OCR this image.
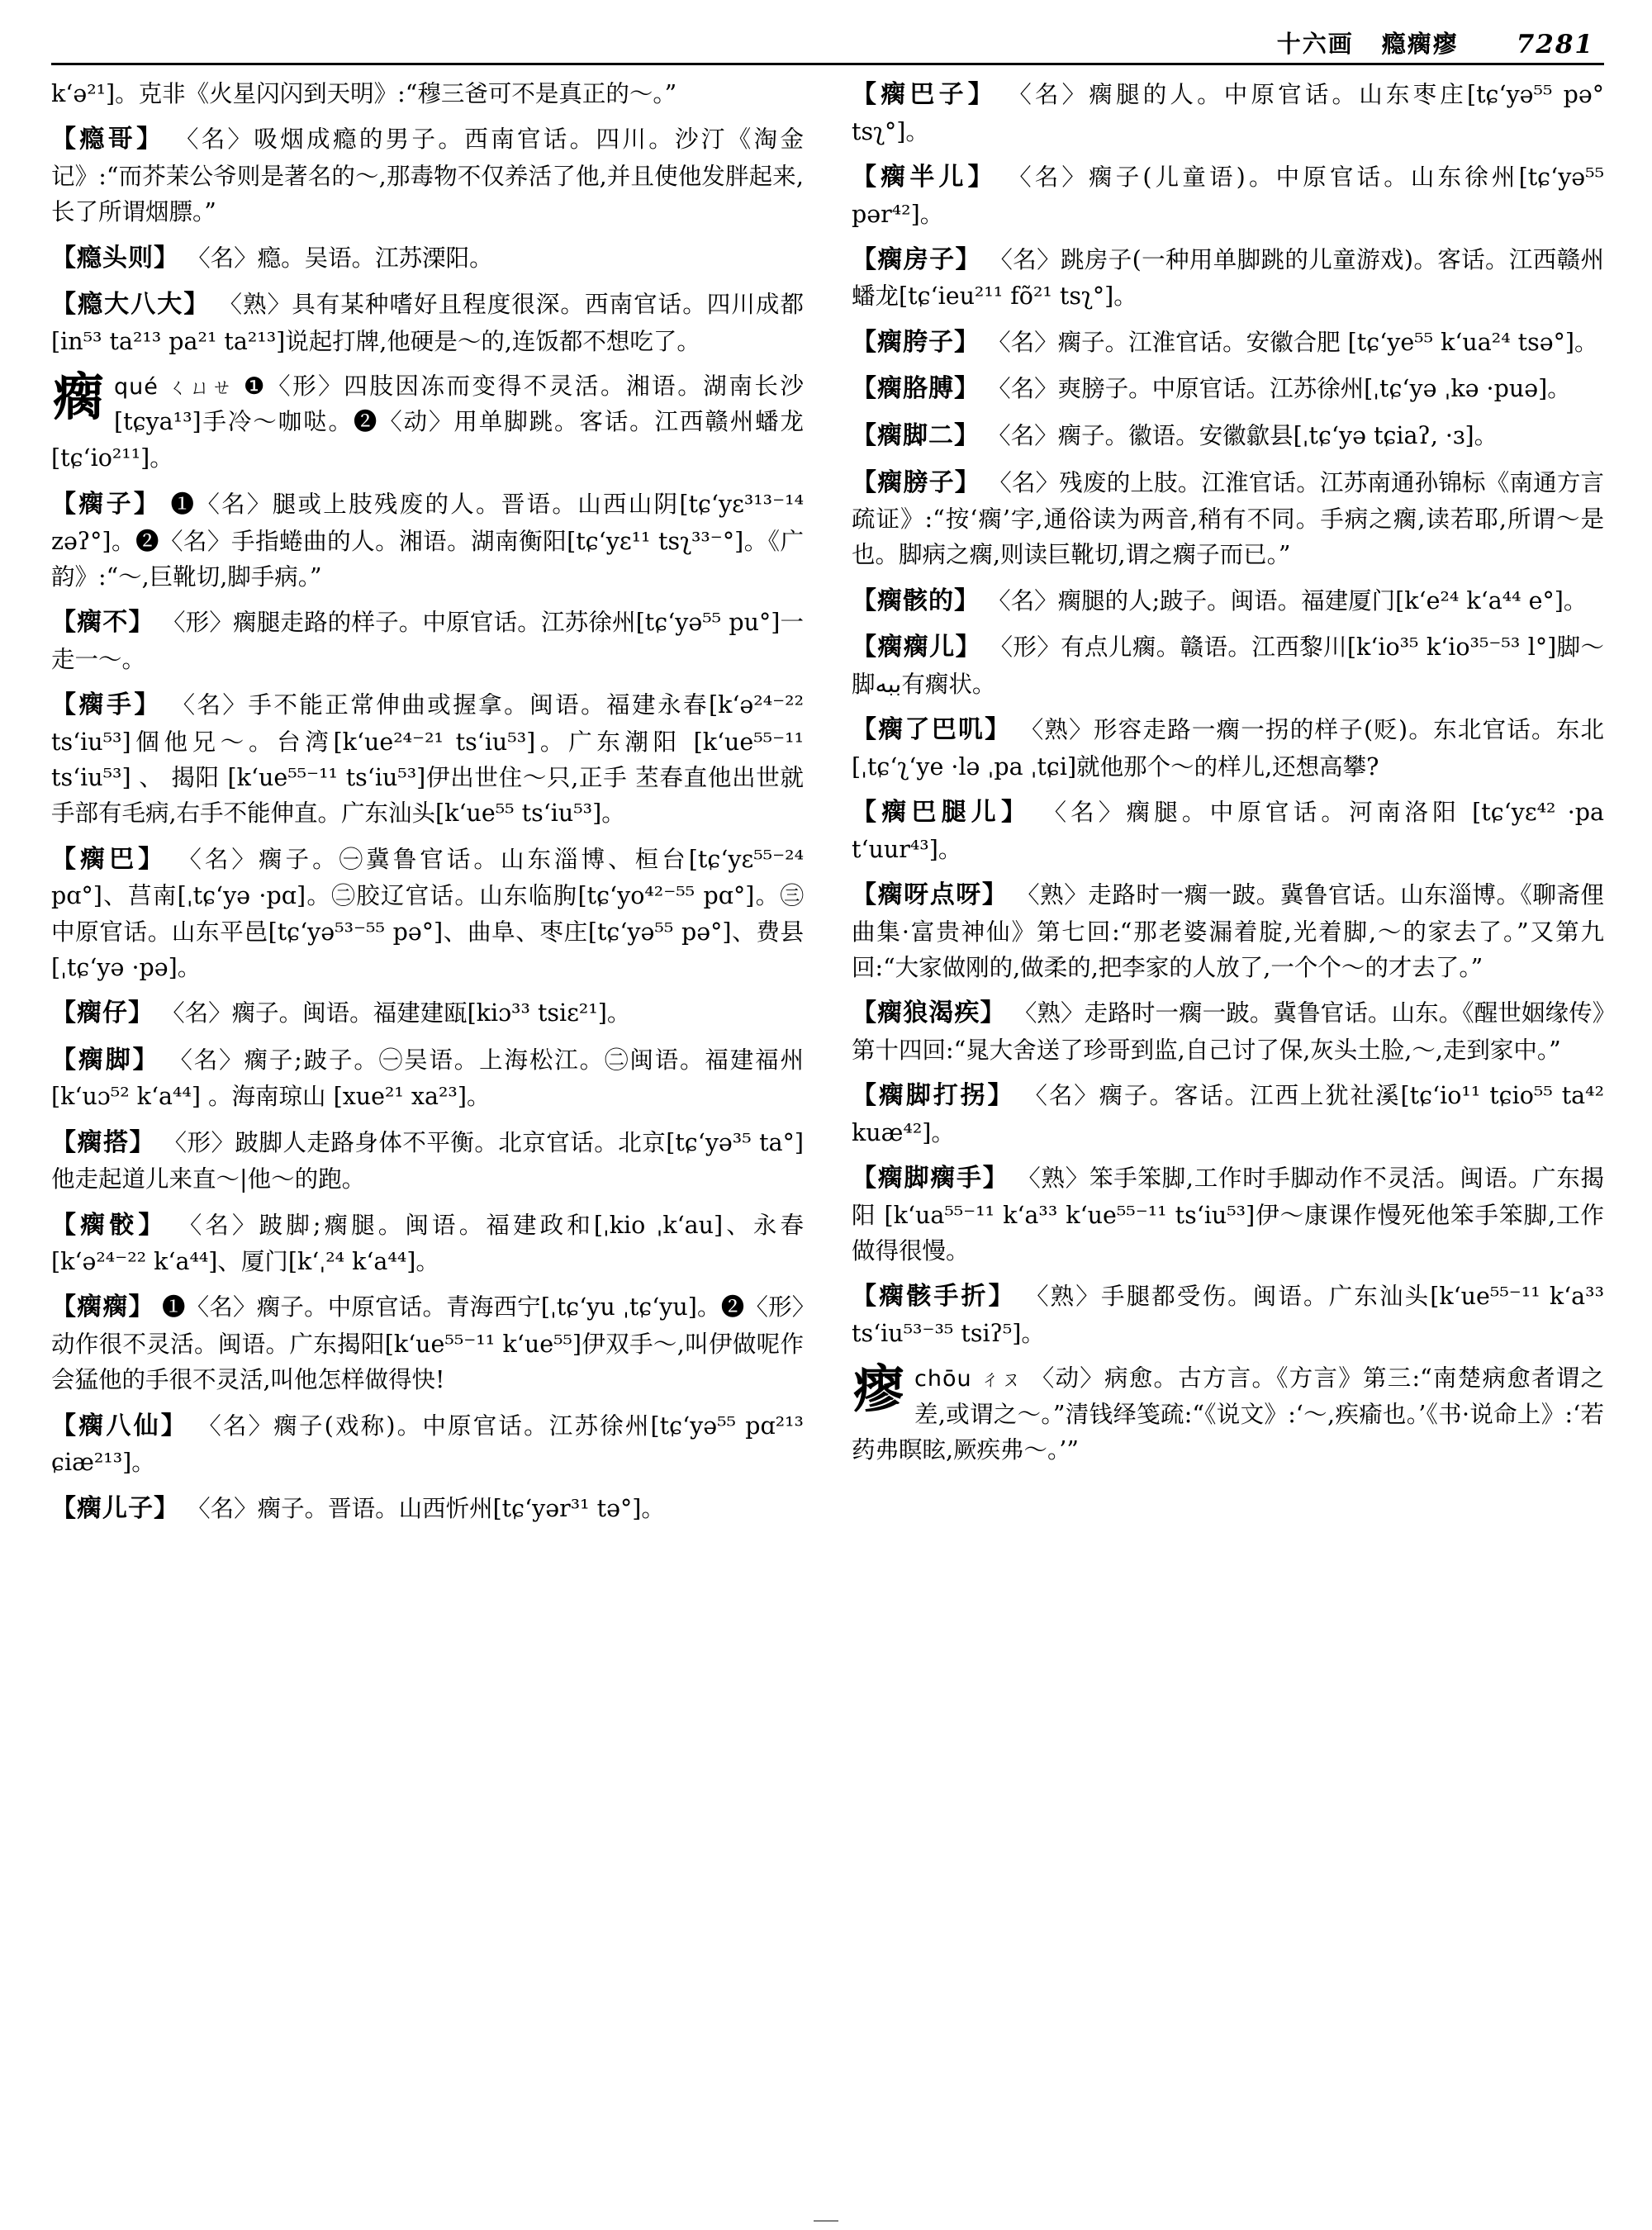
十六画 瘾瘸瘳 7281
k‘ə²¹]。克非《火星闪闪到天明》:“穆三爸可不是真正的～。”
【瘾哥】 〈名〉吸烟成瘾的男子。西南官话。四川。沙汀《淘金记》:“而芥茉公爷则是著名的～,那毒物不仅养活了他,并且使他发胖起来,长了所谓烟膘。”
【瘾头则】 〈名〉瘾。吴语。江苏溧阳。
【瘾大八大】 〈熟〉具有某种嗜好且程度很深。西南官话。四川成都[in⁵³ ta²¹³ pa²¹ ta²¹³]说起打牌,他硬是～的,连饭都不想吃了。
瘸qué ㄑㄩㄝ ❶〈形〉四肢因冻而变得不灵活。湘语。湖南长沙[tɕya¹³]手冷～咖哒。❷〈动〉用单脚跳。客话。江西赣州蟠龙[tɕ‘io²¹¹]。
【瘸子】 ❶〈名〉腿或上肢残废的人。晋语。山西山阴[tɕ‘yɛ³¹³⁻¹⁴ zəʔ°]。❷〈名〉手指蜷曲的人。湘语。湖南衡阳[tɕ‘yɛ¹¹ tsʅ³³⁻°]。《广韵》:“～,巨靴切,脚手病。”
【瘸不】 〈形〉瘸腿走路的样子。中原官话。江苏徐州[tɕ‘yə⁵⁵ pu°]一走一～。
【瘸手】 〈名〉手不能正常伸曲或握拿。闽语。福建永春[k‘ə²⁴⁻²² ts‘iu⁵³]個他兄～。台湾[k‘ue²⁴⁻²¹ ts‘iu⁵³]。广东潮阳 [k‘ue⁵⁵⁻¹¹ ts‘iu⁵³] 、 揭阳 [k‘ue⁵⁵⁻¹¹ ts‘iu⁵³]伊出世住～只,正手 苤春直他出世就手部有毛病,右手不能伸直。广东汕头[k‘ue⁵⁵ ts‘iu⁵³]。
【瘸巴】 〈名〉瘸子。㊀冀鲁官话。山东淄博、桓台[tɕ‘yɛ⁵⁵⁻²⁴ pɑ°]、莒南[ˌtɕ‘yə ·pɑ]。㊁胶辽官话。山东临朐[tɕ‘yo⁴²⁻⁵⁵ pɑ°]。㊂中原官话。山东平邑[tɕ‘yə⁵³⁻⁵⁵ pə°]、曲阜、枣庄[tɕ‘yə⁵⁵ pə°]、费县[ˌtɕ‘yə ·pə]。
【瘸仔】 〈名〉瘸子。闽语。福建建瓯[kiɔ³³ tsiɛ²¹]。
【瘸脚】 〈名〉瘸子;跛子。㊀吴语。上海松江。㊁闽语。福建福州 [k‘uɔ⁵² k‘a⁴⁴] 。海南琼山 [xue²¹ xa²³]。
【瘸搭】 〈形〉跛脚人走路身体不平衡。北京官话。北京[tɕ‘yə³⁵ ta°]他走起道儿来直～|他～的跑。
【瘸骹】 〈名〉跛脚;瘸腿。闽语。福建政和[ˌkio ˌk‘au]、永春[k‘ə²⁴⁻²² k‘a⁴⁴]、厦门[k‘ˌ²⁴ k‘a⁴⁴]。
【瘸瘸】 ❶〈名〉瘸子。中原官话。青海西宁[ˌtɕ‘yu ˌtɕ‘yu]。❷〈形〉动作很不灵活。闽语。广东揭阳[k‘ue⁵⁵⁻¹¹ k‘ue⁵⁵]伊双手～,叫伊做呢作会猛他的手很不灵活,叫他怎样做得快!
【瘸八仙】 〈名〉瘸子(戏称)。中原官话。江苏徐州[tɕ‘yə⁵⁵ pɑ²¹³ ɕiæ²¹³]。
【瘸儿子】 〈名〉瘸子。晋语。山西忻州[tɕ‘yər³¹ tə°]。
【瘸巴子】 〈名〉瘸腿的人。中原官话。山东枣庄[tɕ‘yə⁵⁵ pə° tsʅ°]。
【瘸半儿】 〈名〉瘸子(儿童语)。中原官话。山东徐州[tɕ‘yə⁵⁵ pər⁴²]。
【瘸房子】 〈名〉跳房子(一种用单脚跳的儿童游戏)。客话。江西赣州蟠龙[tɕ‘ieu²¹¹ fõ²¹ tsʅ°]。
【瘸胯子】 〈名〉瘸子。江淮官话。安徽合肥 [tɕ‘ye⁵⁵ k‘ua²⁴ tsə°]。
【瘸胳膊】 〈名〉㻎膀子。中原官话。江苏徐州[ˌtɕ‘yə ˌkə ·puə]。
【瘸脚二】 〈名〉瘸子。徽语。安徽歙县[ˌtɕ‘yə tɕiaʔ, ·ɜ]。
【瘸膀子】 〈名〉残废的上肢。江淮官话。江苏南通孙锦标《南通方言疏证》:“按‘瘸’字,通俗读为两音,稍有不同。手病之瘸,读若耶,所谓～是也。脚病之瘸,则读巨靴切,谓之瘸子而已。”
【瘸骸的】 〈名〉瘸腿的人;跛子。闽语。福建厦门[k‘e²⁴ k‘a⁴⁴ e°]。
【瘸瘸儿】 〈形〉有点儿瘸。赣语。江西黎川[k‘io³⁵ k‘io³⁵⁻⁵³ l°]脚～脚ببه有瘸状。
【瘸了巴叽】 〈熟〉形容走路一瘸一拐的样子(贬)。东北官话。东北[ˌtɕ‘ʅ‘ye ·lə ˌpa ˌtɕi]就他那个～的样儿,还想高攀?
【瘸巴腿儿】 〈名〉瘸腿。中原官话。河南洛阳 [tɕ‘yɛ⁴² ·pa t‘uur⁴³]。
【瘸呀点呀】 〈熟〉走路时一瘸一跛。冀鲁官话。山东淄博。《聊斋俚曲集·富贵神仙》第七回:“那老婆漏着腚,光着脚,～的家去了。”又第九回:“大家做刚的,做柔的,把李家的人放了,一个个～的才去了。”
【瘸狼渴疾】 〈熟〉走路时一瘸一跛。冀鲁官话。山东。《醒世姻缘传》第十四回:“晁大舍送了珍哥到监,自己讨了保,灰头土脸,～,走到家中。”
【瘸脚打拐】 〈名〉瘸子。客话。江西上犹社溪[tɕ‘io¹¹ tɕio⁵⁵ ta⁴² kuæ⁴²]。
【瘸脚瘸手】 〈熟〉笨手笨脚,工作时手脚动作不灵活。闽语。广东揭阳 [k‘ua⁵⁵⁻¹¹ k‘a³³ k‘ue⁵⁵⁻¹¹ ts‘iu⁵³]伊～康课作慢死他笨手笨脚,工作做得很慢。
【瘸骸手折】 〈熟〉手腿都受伤。闽语。广东汕头[k‘ue⁵⁵⁻¹¹ k‘a³³ ts‘iu⁵³⁻³⁵ tsiʔ⁵]。
瘳chōu ㄔㄡ 〈动〉病愈。古方言。《方言》第三:“南楚病愈者谓之差,或谓之～。”清钱绎笺疏:“《说文》:‘～,疾瘉也。’《书·说命上》:‘若药弗瞑眩,厥疾弗～。’”
